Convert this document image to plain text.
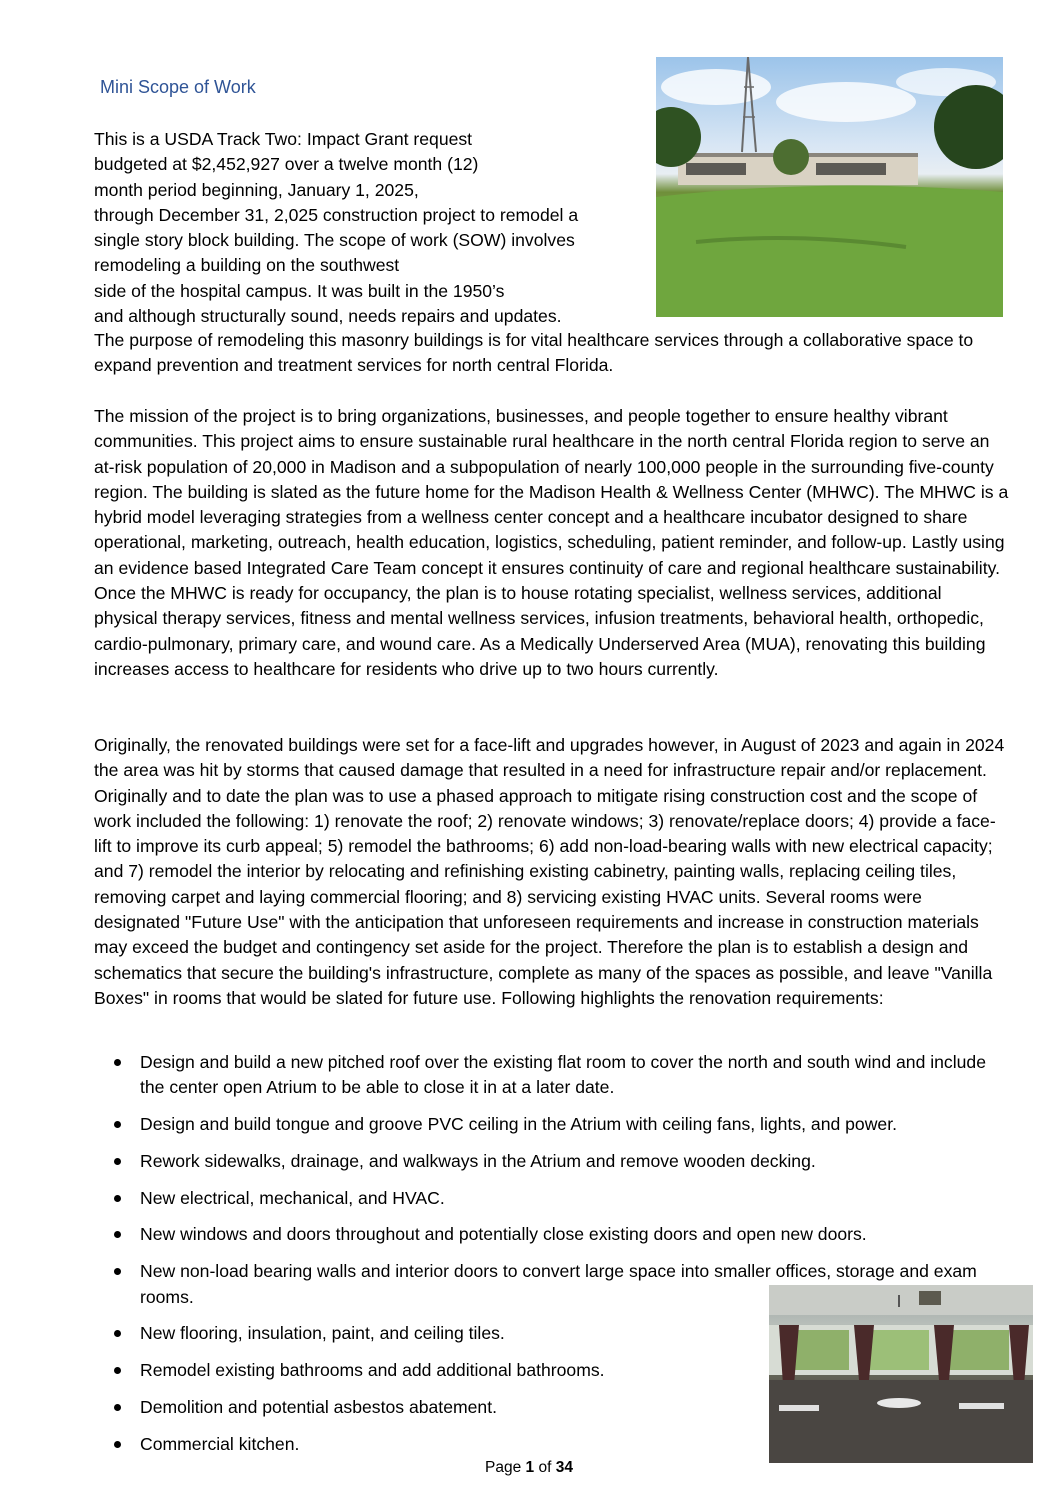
Mini Scope of Work

This is a USDA Track Two: Impact Grant request
budgeted at $2,452,927 over a twelve month (12)
month period beginning, January 1, 2025,
through December 31, 2,025 construction project to remodel a
single story block building. The scope of work (SOW) involves
remodeling a building on the southwest
side of the hospital campus. It was built in the 1950’s
and although structurally sound, needs repairs and updates.

The purpose of remodeling this masonry buildings is for vital healthcare services through a collaborative space to expand prevention and treatment services for north central Florida.

The mission of the project is to bring organizations, businesses, and people together to ensure healthy vibrant communities. This project aims to ensure sustainable rural healthcare in the north central Florida region to serve an at-risk population of 20,000 in Madison and a subpopulation of nearly 100,000 people in the surrounding five-county region. The building is slated as the future home for the Madison Health & Wellness Center (MHWC). The MHWC is a hybrid model leveraging strategies from a wellness center concept and a healthcare incubator designed to share operational, marketing, outreach, health education, logistics, scheduling, patient reminder, and follow-up. Lastly using an evidence based Integrated Care Team concept it ensures continuity of care and regional healthcare sustainability. Once the MHWC is ready for occupancy, the plan is to house rotating specialist, wellness services, additional physical therapy services, fitness and mental wellness services, infusion treatments, behavioral health, orthopedic, cardio-pulmonary, primary care, and wound care. As a Medically Underserved Area (MUA), renovating this building increases access to healthcare for residents who drive up to two hours currently.

Originally, the renovated buildings were set for a face-lift and upgrades however, in August of 2023 and again in 2024 the area was hit by storms that caused damage that resulted in a need for infrastructure repair and/or replacement. Originally and to date the plan was to use a phased approach to mitigate rising construction cost and the scope of work included the following: 1) renovate the roof; 2) renovate windows; 3) renovate/replace doors; 4) provide a face-lift to improve its curb appeal; 5) remodel the bathrooms; 6) add non-load-bearing walls with new electrical capacity; and 7) remodel the interior by relocating and refinishing existing cabinetry, painting walls, replacing ceiling tiles, removing carpet and laying commercial flooring; and 8) servicing existing HVAC units. Several rooms were designated "Future Use" with the anticipation that unforeseen requirements and increase in construction materials may exceed the budget and contingency set aside for the project. Therefore the plan is to establish a design and schematics that secure the building's infrastructure, complete as many of the spaces as possible, and leave "Vanilla Boxes" in rooms that would be slated for future use. Following highlights the renovation requirements:

Design and build a new pitched roof over the existing flat room to cover the north and south wind and include the center open Atrium to be able to close it in at a later date.
Design and build tongue and groove PVC ceiling in the Atrium with ceiling fans, lights, and power.
Rework sidewalks, drainage, and walkways in the Atrium and remove wooden decking.
New electrical, mechanical, and HVAC.
New windows and doors throughout and potentially close existing doors and open new doors.
New non-load bearing walls and interior doors to convert large space into smaller offices, storage and exam rooms.
New flooring, insulation, paint, and ceiling tiles.
Remodel existing bathrooms and add additional bathrooms.
Demolition and potential asbestos abatement.
Commercial kitchen.
Page 1 of 34
